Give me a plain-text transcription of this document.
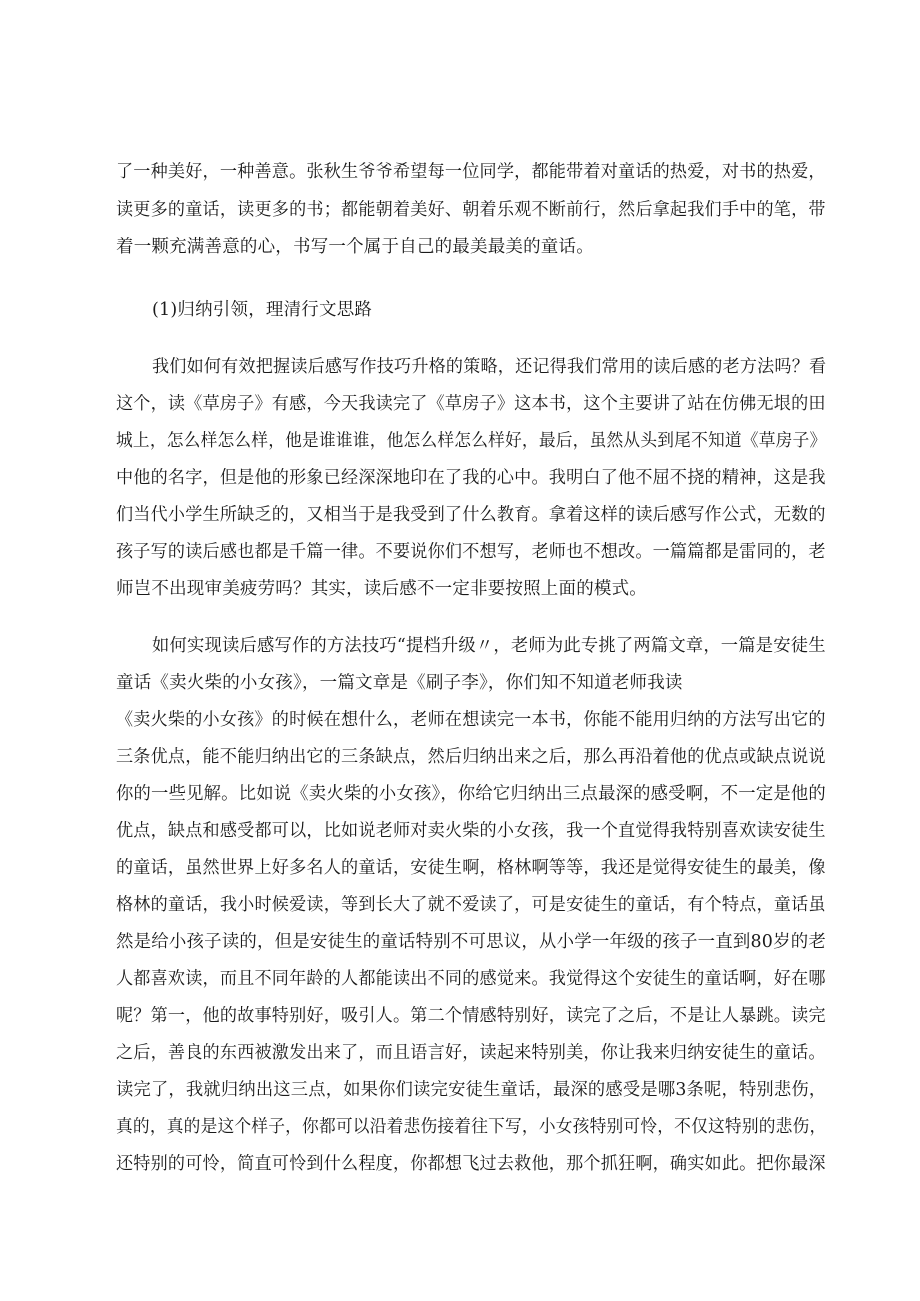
了一种美好，一种善意。张秋生爷爷希望每一位同学，都能带着对童话的热爱，对书的热爱，
读更多的童话，读更多的书；都能朝着美好、朝着乐观不断前行，然后拿起我们手中的笔，带
着一颗充满善意的心，书写一个属于自己的最美最美的童话。
(1)归纳引领，理清行文思路
我们如何有效把握读后感写作技巧升格的策略，还记得我们常用的读后感的老方法吗？看
这个，读《草房子》有感，今天我读完了《草房子》这本书，这个主要讲了站在仿佛无垠的田
城上，怎么样怎么样，他是谁谁谁，他怎么样怎么样好，最后，虽然从头到尾不知道《草房子》
中他的名字，但是他的形象已经深深地印在了我的心中。我明白了他不屈不挠的精神，这是我
们当代小学生所缺乏的，又相当于是我受到了什么教育。拿着这样的读后感写作公式，无数的
孩子写的读后感也都是千篇一律。不要说你们不想写，老师也不想改。一篇篇都是雷同的，老
师岂不出现审美疲劳吗？其实，读后感不一定非要按照上面的模式。
如何实现读后感写作的方法技巧“提档升级〃，老师为此专挑了两篇文章，一篇是安徒生
童话《卖火柴的小女孩》，一篇文章是《刷子李》，你们知不知道老师我读
《卖火柴的小女孩》的时候在想什么，老师在想读完一本书，你能不能用归纳的方法写出它的
三条优点，能不能归纳出它的三条缺点，然后归纳出来之后，那么再沿着他的优点或缺点说说
你的一些见解。比如说《卖火柴的小女孩》，你给它归纳出三点最深的感受啊，不一定是他的
优点，缺点和感受都可以，比如说老师对卖火柴的小女孩，我一个直觉得我特别喜欢读安徒生
的童话，虽然世界上好多名人的童话，安徒生啊，格林啊等等，我还是觉得安徒生的最美，像
格林的童话，我小时候爱读，等到长大了就不爱读了，可是安徒生的童话，有个特点，童话虽
然是给小孩子读的，但是安徒生的童话特别不可思议，从小学一年级的孩子一直到80岁的老
人都喜欢读，而且不同年龄的人都能读出不同的感觉来。我觉得这个安徒生的童话啊，好在哪
呢？第一，他的故事特别好，吸引人。第二个情感特别好，读完了之后，不是让人暴跳。读完
之后，善良的东西被激发出来了，而且语言好，读起来特别美，你让我来归纳安徒生的童话。
读完了，我就归纳出这三点，如果你们读完安徒生童话，最深的感受是哪3条呢，特别悲伤，
真的，真的是这个样子，你都可以沿着悲伤接着往下写，小女孩特别可怜，不仅这特别的悲伤，
还特别的可怜，简直可怜到什么程度，你都想飞过去救他，那个抓狂啊，确实如此。把你最深
